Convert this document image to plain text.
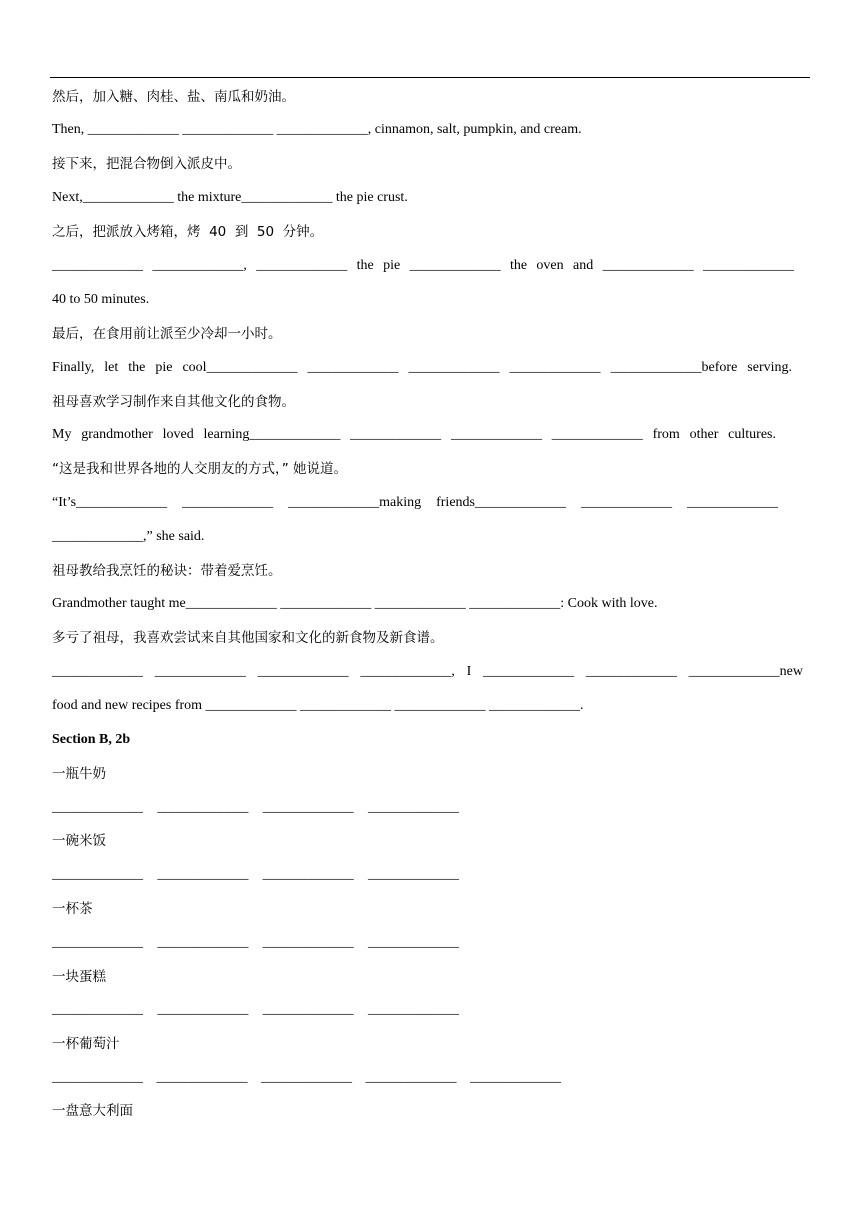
然后，加入糖、肉桂、盐、南瓜和奶油。
Then, _____________ _____________ _____________, cinnamon, salt, pumpkin, and cream.
接下来，把混合物倒入派皮中。
Next,_____________ the mixture_____________ the pie crust.
之后，把派放入烤箱，烤  40  到  50  分钟。
_____________ _____________, _____________ the pie _____________ the oven and _____________ _____________
40 to 50 minutes.
最后，在食用前让派至少冷却一小时。
Finally, let the pie cool_____________ _____________ _____________ _____________ _____________before serving.
祖母喜欢学习制作来自其他文化的食物。
My grandmother loved learning_____________ _____________ _____________ _____________ from other cultures.
“这是我和世界各地的人交朋友的方式，” 她说道。
“It’s_____________ _____________ _____________making friends_____________ _____________ _____________
_____________,” she said.
祖母教给我烹饪的秘诀：带着爱烹饪。
Grandmother taught me_____________ _____________ _____________ _____________: Cook with love.
多亏了祖母，我喜欢尝试来自其他国家和文化的新食物及新食谱。
_____________ _____________ _____________ _____________, I _____________ _____________ _____________new
food and new recipes from _____________ _____________ _____________ _____________.
Section B, 2b
一瓶牛奶
_____________ _____________ _____________ _____________
一碗米饭
_____________ _____________ _____________ _____________
一杯茶
_____________ _____________ _____________ _____________
一块蛋糕
_____________ _____________ _____________ _____________
一杯葡萄汁
_____________ _____________ _____________ _____________ _____________
一盘意大利面
